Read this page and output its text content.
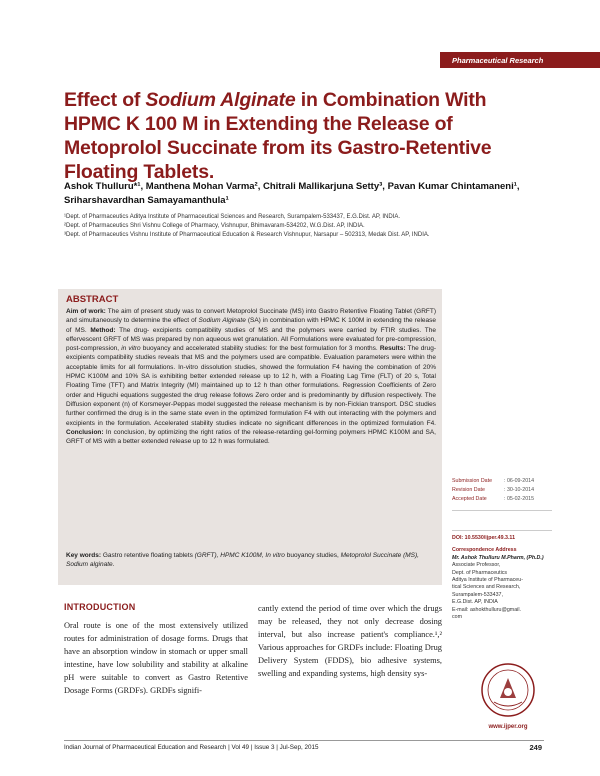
Pharmaceutical Research
Effect of Sodium Alginate in Combination With HPMC K 100 M in Extending the Release of Metoprolol Succinate from its Gastro-Retentive Floating Tablets.
Ashok Thulluru*¹, Manthena Mohan Varma², Chitrali Mallikarjuna Setty³, Pavan Kumar Chintamaneni¹, Sriharshavardhan Samayamanthula¹
¹Dept. of Pharmaceutics Aditya Institute of Pharmaceutical Sciences and Research, Surampalem-533437, E.G.Dist. AP, INDIA.
²Dept. of Pharmaceutics Shri Vishnu College of Pharmacy, Vishnupur, Bhimavaram-534202, W.G.Dist. AP, INDIA.
³Dept. of Pharmaceutics Vishnu Institute of Pharmaceutical Education & Research Vishnupur, Narsapur – 502313, Medak Dist. AP, INDIA.
ABSTRACT
Aim of work: The aim of present study was to convert Metoprolol Succinate (MS) into Gastro Retentive Floating Tablet (GRFT) and simultaneously to determine the effect of Sodium Alginate (SA) in combination with HPMC K 100M in extending the release of MS. Method: The drug- excipients compatibility studies of MS and the polymers were carried by FTIR studies. The effervescent GRFT of MS was prepared by non aqueous wet granulation. All Formulations were evaluated for pre-compression, post-compression, in vitro buoyancy and accelerated stability studies: for the best formulation for 3 months. Results: The drug- excipients compatibility studies reveals that MS and the polymers used are compatible. Evaluation parameters were within the acceptable limits for all formulations. In-vitro dissolution studies, showed the formulation F4 having the combination of 20% HPMC K100M and 10% SA is exhibiting better extended release up to 12 h, with a Floating Lag Time (FLT) of 20 s, Total Floating Time (TFT) and Matrix Integrity (MI) maintained up to 12 h than other formulations. Regression Coefficients of Zero order and Higuchi equations suggested the drug release follows Zero order and is predominantly by diffusion respectively. The Diffusion exponent (n) of Korsmeyer-Peppas model suggested the release mechanism is by non-Fickian transport. DSC studies further confirmed the drug is in the same state even in the optimized formulation F4 with out interacting with the polymers and excipients in the formulation. Accelerated stability studies indicate no significant differences in the optimized formulation F4. Conclusion: In conclusion, by optimizing the right ratios of the release-retarding gel-forming polymers HPMC K100M and SA, GRFT of MS with a better extended release up to 12 h was formulated.
Key words: Gastro retentive floating tablets (GRFT), HPMC K100M, In vitro buoyancy studies, Metoprolol Succinate (MS), Sodium alginate.
Submission Date	: 06-09-2014
Revision Date	: 30-10-2014
Accepted Date	: 05-02-2015
DOI: 10.5530/ijper.49.3.11
Correspondence Address
Mr. Ashok Thulluru M.Pharm, (Ph.D.)
Associate Professor,
Dept. of Pharmaceutics
Aditya Institute of Pharmaceu-
tical Sciences and Research,
Surampalem-533437,
E.G.Dist. AP, INDIA
E-mail: ashokthulluru@gmail.
com
INTRODUCTION
Oral route is one of the most extensively utilized routes for administration of dosage forms. Drugs that have an absorption window in stomach or upper small intestine, have low solubility and stability at alkaline pH were suitable to convert as Gastro Retentive Dosage Forms (GRDFs). GRDFs signifi-
cantly extend the period of time over which the drugs may be released, they not only decrease dosing interval, but also increase patient's compliance.¹,² Various approaches for GRDFs include: Floating Drug Delivery System (FDDS), bio adhesive systems, swelling and expanding systems, high density sys-
www.ijper.org
Indian Journal of Pharmaceutical Education and Research | Vol 49 | Issue 3 | Jul-Sep, 2015	249
